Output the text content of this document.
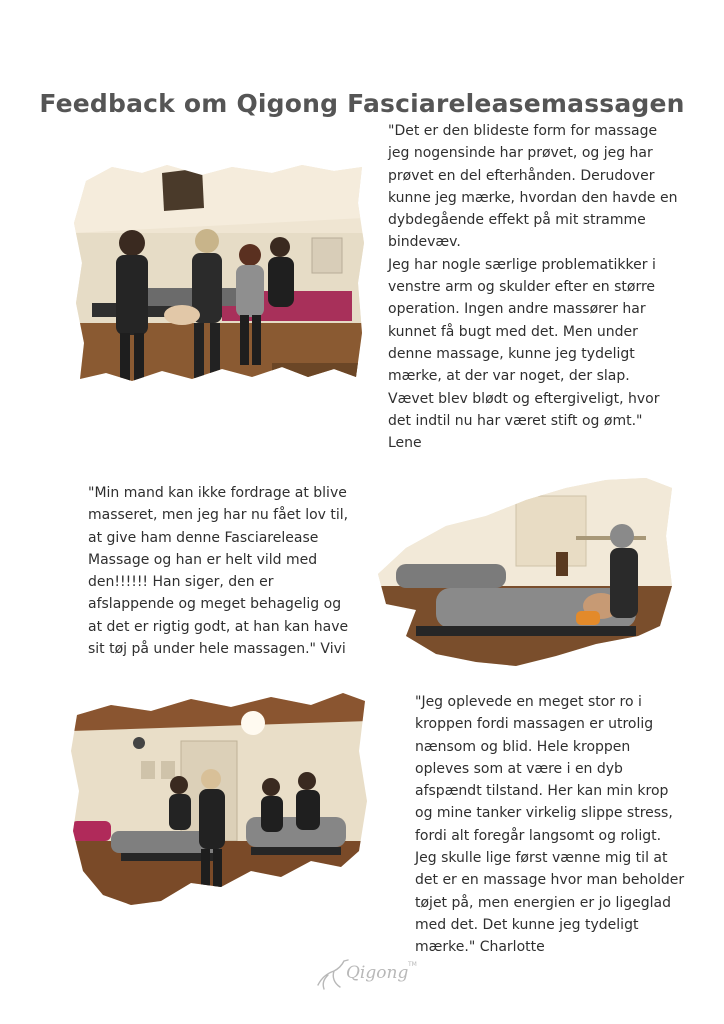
Feedback om Qigong Fasciareleasemassagen

"Det er den blideste form for massage jeg nogensinde har prøvet, og jeg har prøvet en del efterhånden. Derudover kunne jeg mærke, hvordan den havde en dybdegående effekt på mit stramme bindevæv.
Jeg har nogle særlige problematikker i venstre arm og skulder efter en større operation. Ingen andre massører har kunnet få bugt med det. Men under denne massage, kunne jeg tydeligt mærke, at der var noget, der slap. Vævet blev blødt og eftergiveligt, hvor det indtil nu har været stift og ømt." Lene

"Min mand kan ikke fordrage at blive masseret, men jeg har nu fået lov til, at give ham denne Fasciarelease Massage og han er helt vild med den!!!!!! Han siger, den er afslappende og meget behagelig og at det er rigtig godt, at han kan have sit tøj på under hele massagen." Vivi

"Jeg oplevede en meget stor ro i kroppen fordi massagen er utrolig nænsom og blid. Hele kroppen opleves som at være i en dyb afspændt tilstand. Her kan min krop og mine tanker virkelig slippe stress, fordi alt foregår langsomt og roligt. Jeg skulle lige først vænne mig til at det er en massage hvor man beholder tøjet på, men energien er jo ligeglad med det. Det kunne jeg tydeligt mærke." Charlotte

Qigong TM
